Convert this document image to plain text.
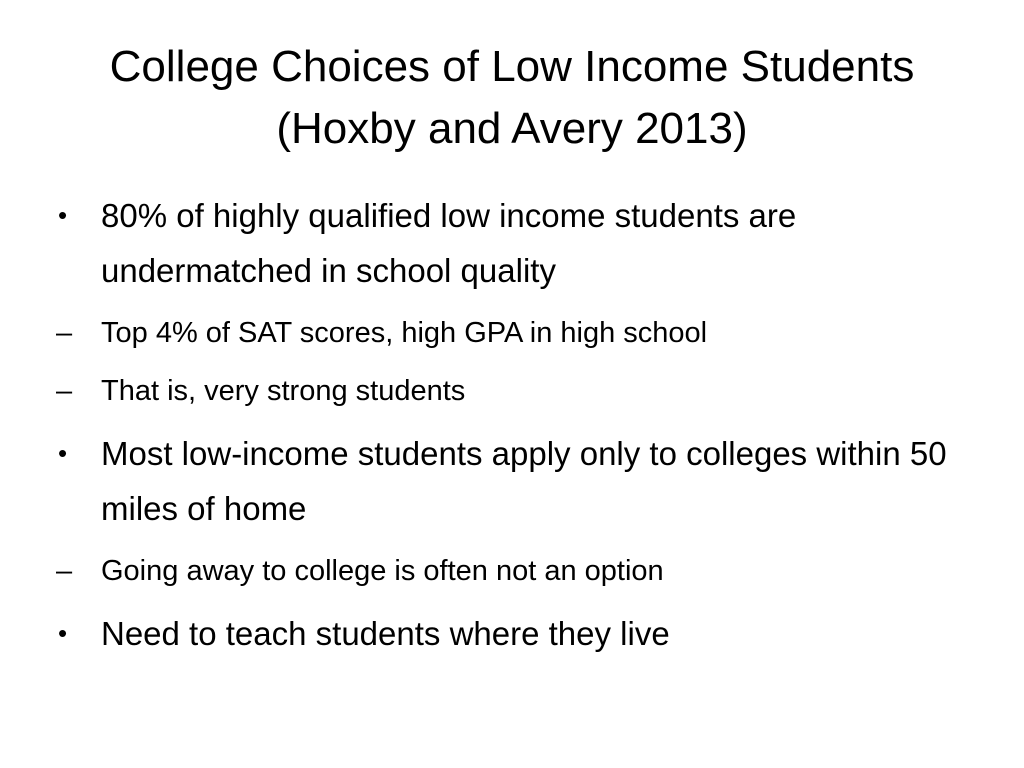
College Choices of Low Income Students
(Hoxby and Avery 2013)
• 80% of highly qualified low income students are undermatched in school quality
– Top 4% of SAT scores, high GPA in high school
– That is, very strong students
• Most low-income students apply only to colleges within 50 miles of home
– Going away to college is often not an option
• Need to teach students where they live
